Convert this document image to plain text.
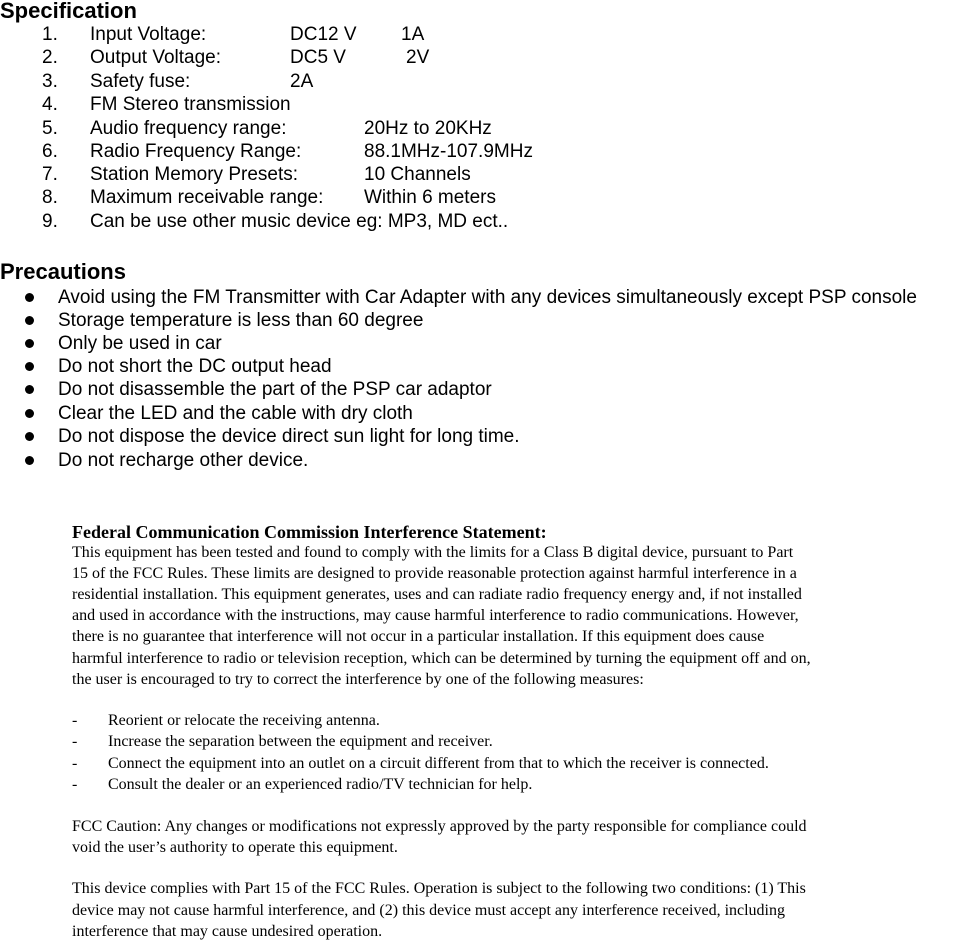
Specification
1. Input Voltage:	DC12 V 1A
2. Output Voltage:	DC5 V	2V
3. Safety fuse:	2A
4. FM Stereo transmission
5. Audio frequency range:	20Hz to 20KHz
6. Radio Frequency Range:	88.1MHz-107.9MHz
7. Station Memory Presets:	10 Channels
8. Maximum receivable range: Within 6 meters
9. Can be use other music device eg: MP3, MD ect..
Precautions
Avoid using the FM Transmitter with Car Adapter with any devices simultaneously except PSP console
Storage temperature is less than 60 degree
Only be used in car
Do not short the DC output head
Do not disassemble the part of the PSP car adaptor
Clear the LED and the cable with dry cloth
Do not dispose the device direct sun light for long time.
Do not recharge other device.
Federal Communication Commission Interference Statement:
This equipment has been tested and found to comply with the limits for a Class B digital device, pursuant to Part
15 of the FCC Rules. These limits are designed to provide reasonable protection against harmful interference in a
residential installation. This equipment generates, uses and can radiate radio frequency energy and, if not installed
and used in accordance with the instructions, may cause harmful interference to radio communications. However,
there is no guarantee that interference will not occur in a particular installation. If this equipment does cause
harmful interference to radio or television reception, which can be determined by turning the equipment off and on,
the user is encouraged to try to correct the interference by one of the following measures:
- Reorient or relocate the receiving antenna.
- Increase the separation between the equipment and receiver.
- Connect the equipment into an outlet on a circuit different from that to which the receiver is connected.
- Consult the dealer or an experienced radio/TV technician for help.
FCC Caution: Any changes or modifications not expressly approved by the party responsible for compliance could
void the user’s authority to operate this equipment.
This device complies with Part 15 of the FCC Rules. Operation is subject to the following two conditions: (1) This
device may not cause harmful interference, and (2) this device must accept any interference received, including
interference that may cause undesired operation.
